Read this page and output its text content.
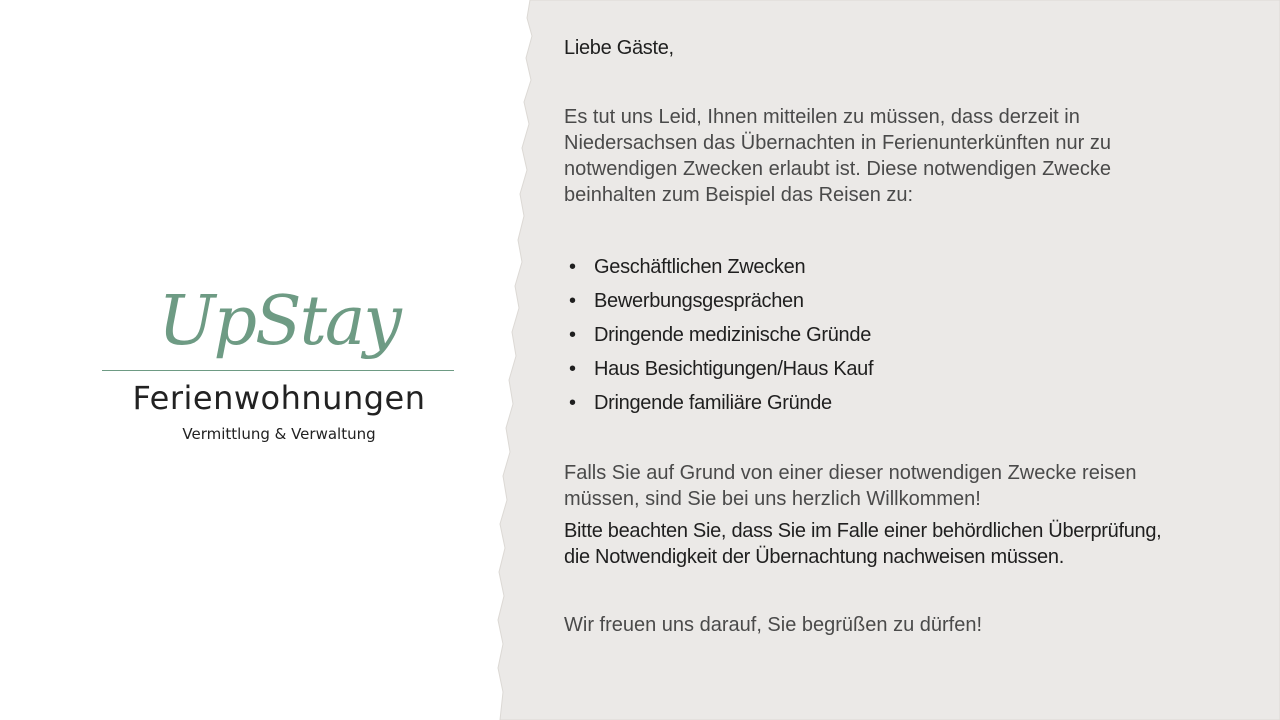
UpStay
Ferienwohnungen
Vermittlung & Verwaltung

Liebe Gäste,

Es tut uns Leid, Ihnen mitteilen zu müssen, dass derzeit in Niedersachsen das Übernachten in Ferienunterkünften nur zu notwendigen Zwecken erlaubt ist. Diese notwendigen Zwecke beinhalten zum Beispiel das Reisen zu:

• Geschäftlichen Zwecken
• Bewerbungsgesprächen
• Dringende medizinische Gründe
• Haus Besichtigungen/Haus Kauf
• Dringende familiäre Gründe

Falls Sie auf Grund von einer dieser notwendigen Zwecke reisen müssen, sind Sie bei uns herzlich Willkommen!

Bitte beachten Sie, dass Sie im Falle einer behördlichen Überprüfung, die Notwendigkeit der Übernachtung nachweisen müssen.

Wir freuen uns darauf, Sie begrüßen zu dürfen!
